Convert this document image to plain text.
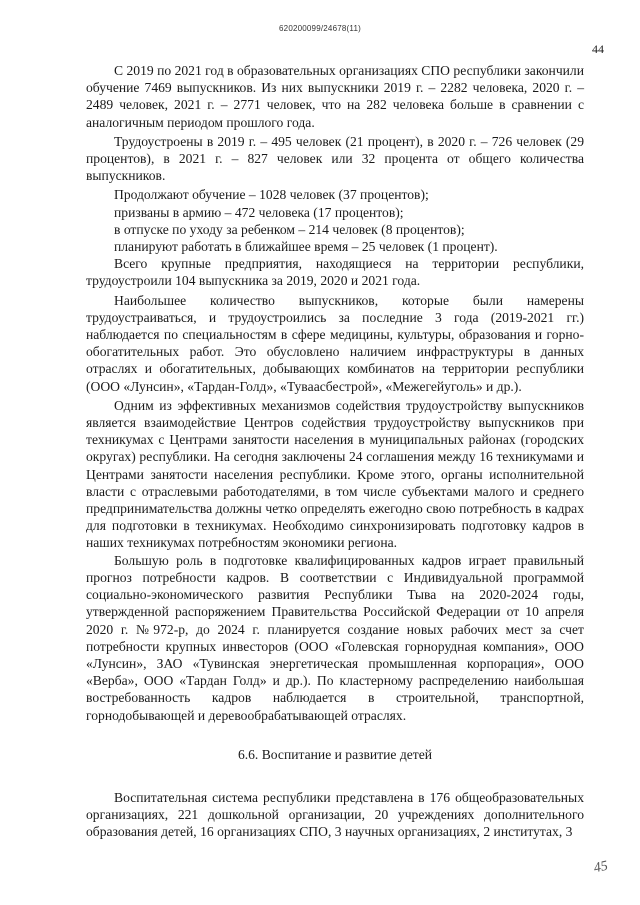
620200099/24678(11)
44

С 2019 по 2021 год в образовательных организациях СПО республики закончили обучение 7469 выпускников. Из них выпускники 2019 г. – 2282 человека, 2020 г. – 2489 человек, 2021 г. – 2771 человек, что на 282 человека больше в сравнении с аналогичным периодом прошлого года.

Трудоустроены в 2019 г. – 495 человек (21 процент), в 2020 г. – 726 человек (29 процентов), в 2021 г. – 827 человек или 32 процента от общего количества выпускников.

Продолжают обучение – 1028 человек (37 процентов);

призваны в армию – 472 человека (17 процентов);

в отпуске по уходу за ребенком – 214 человек (8 процентов);

планируют работать в ближайшее время – 25 человек (1 процент).

Всего крупные предприятия, находящиеся на территории республики, трудоустроили 104 выпускника за 2019, 2020 и 2021 года.

Наибольшее количество выпускников, которые были намерены трудоустраиваться, и трудоустроились за последние 3 года (2019-2021 гг.) наблюдается по специальностям в сфере медицины, культуры, образования и горно-обогатительных работ. Это обусловлено наличием инфраструктуры в данных отраслях и обогатительных, добывающих комбинатов на территории республики (ООО «Лунсин», «Тардан-Голд», «Тувaacбестрой», «Межегейуголь» и др.).

Одним из эффективных механизмов содействия трудоустройству выпускников является взаимодействие Центров содействия трудоустройству выпускников при техникумах с Центрами занятости населения в муниципальных районах (городских округах) республики. На сегодня заключены 24 соглашения между 16 техникумами и Центрами занятости населения республики. Кроме этого, органы исполнительной власти с отраслевыми работодателями, в том числе субъектами малого и среднего предпринимательства должны четко определять ежегодно свою потребность в кадрах для подготовки в техникумах. Необходимо синхронизировать подготовку кадров в наших техникумах потребностям экономики региона.

Большую роль в подготовке квалифицированных кадров играет правильный прогноз потребности кадров. В соответствии с Индивидуальной программой социально-экономического развития Республики Тыва на 2020-2024 годы, утвержденной распоряжением Правительства Российской Федерации от 10 апреля 2020 г. №972-р, до 2024 г. планируется создание новых рабочих мест за счет потребности крупных инвесторов (ООО «Голевская горнорудная компания», ООО «Лунсин», ЗАО «Тувинская энергетическая промышленная корпорация», ООО «Верба», ООО «Тардан Голд» и др.). По кластерному распределению наибольшая востребованность кадров наблюдается в строительной, транспортной, горнодобывающей и деревообрабатывающей отраслях.

6.6. Воспитание и развитие детей

Воспитательная система республики представлена в 176 общеобразовательных организациях, 221 дошкольной организации, 20 учреждениях дополнительного образования детей, 16 организациях СПО, 3 научных организациях, 2 институтах, 3

45
